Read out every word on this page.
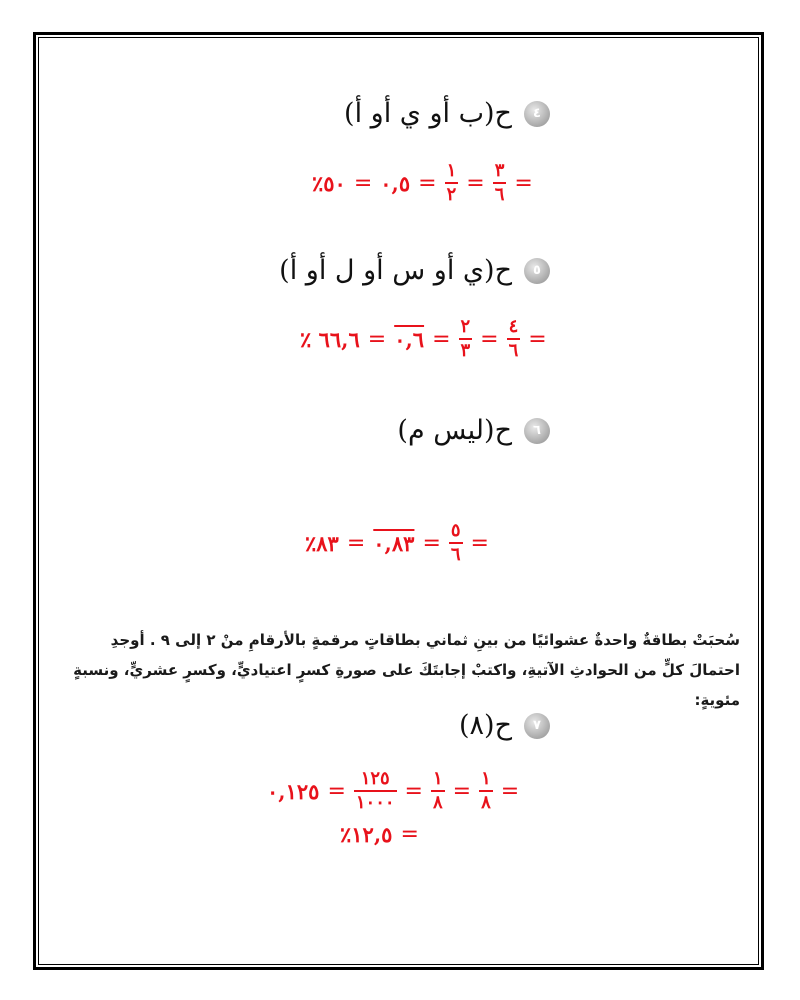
٤
ح(ب أو ي أو أ)
=
$\frac{٣}{٦}$
=
$\frac{١}{٢}$
=
٠,٥
=
٥٠٪
٥
ح(ي أو س أو ل أو أ)
=
$\frac{٤}{٦}$
=
$\frac{٢}{٣}$
=
٠,٦
=
٦٦,٦ ٪
٦
ح(ليس م)
=
$\frac{٥}{٦}$
=
٠,٨٣
=
٨٣٪
سُحبَتْ بطاقةٌ واحدةٌ عشوائيًا من بينِ ثماني بطاقاتٍ مرقمةٍ بالأرقامِ منْ ٢ إلى ٩ . أوجدِ احتمالَ كلٍّ من الحوادثِ الآتيةِ، واكتبْ إجابتَكَ على صورةِ كسرٍ اعتياديٍّ، وكسرٍ عشريٍّ، ونسبةٍ مئويةٍ:
٧
ح(٨)
=
$\frac{١}{٨}$
=
$\frac{١}{٨}$
=
$\frac{١٢٥}{١٠٠٠}$
=
٠,١٢٥
=
١٢,٥٪
